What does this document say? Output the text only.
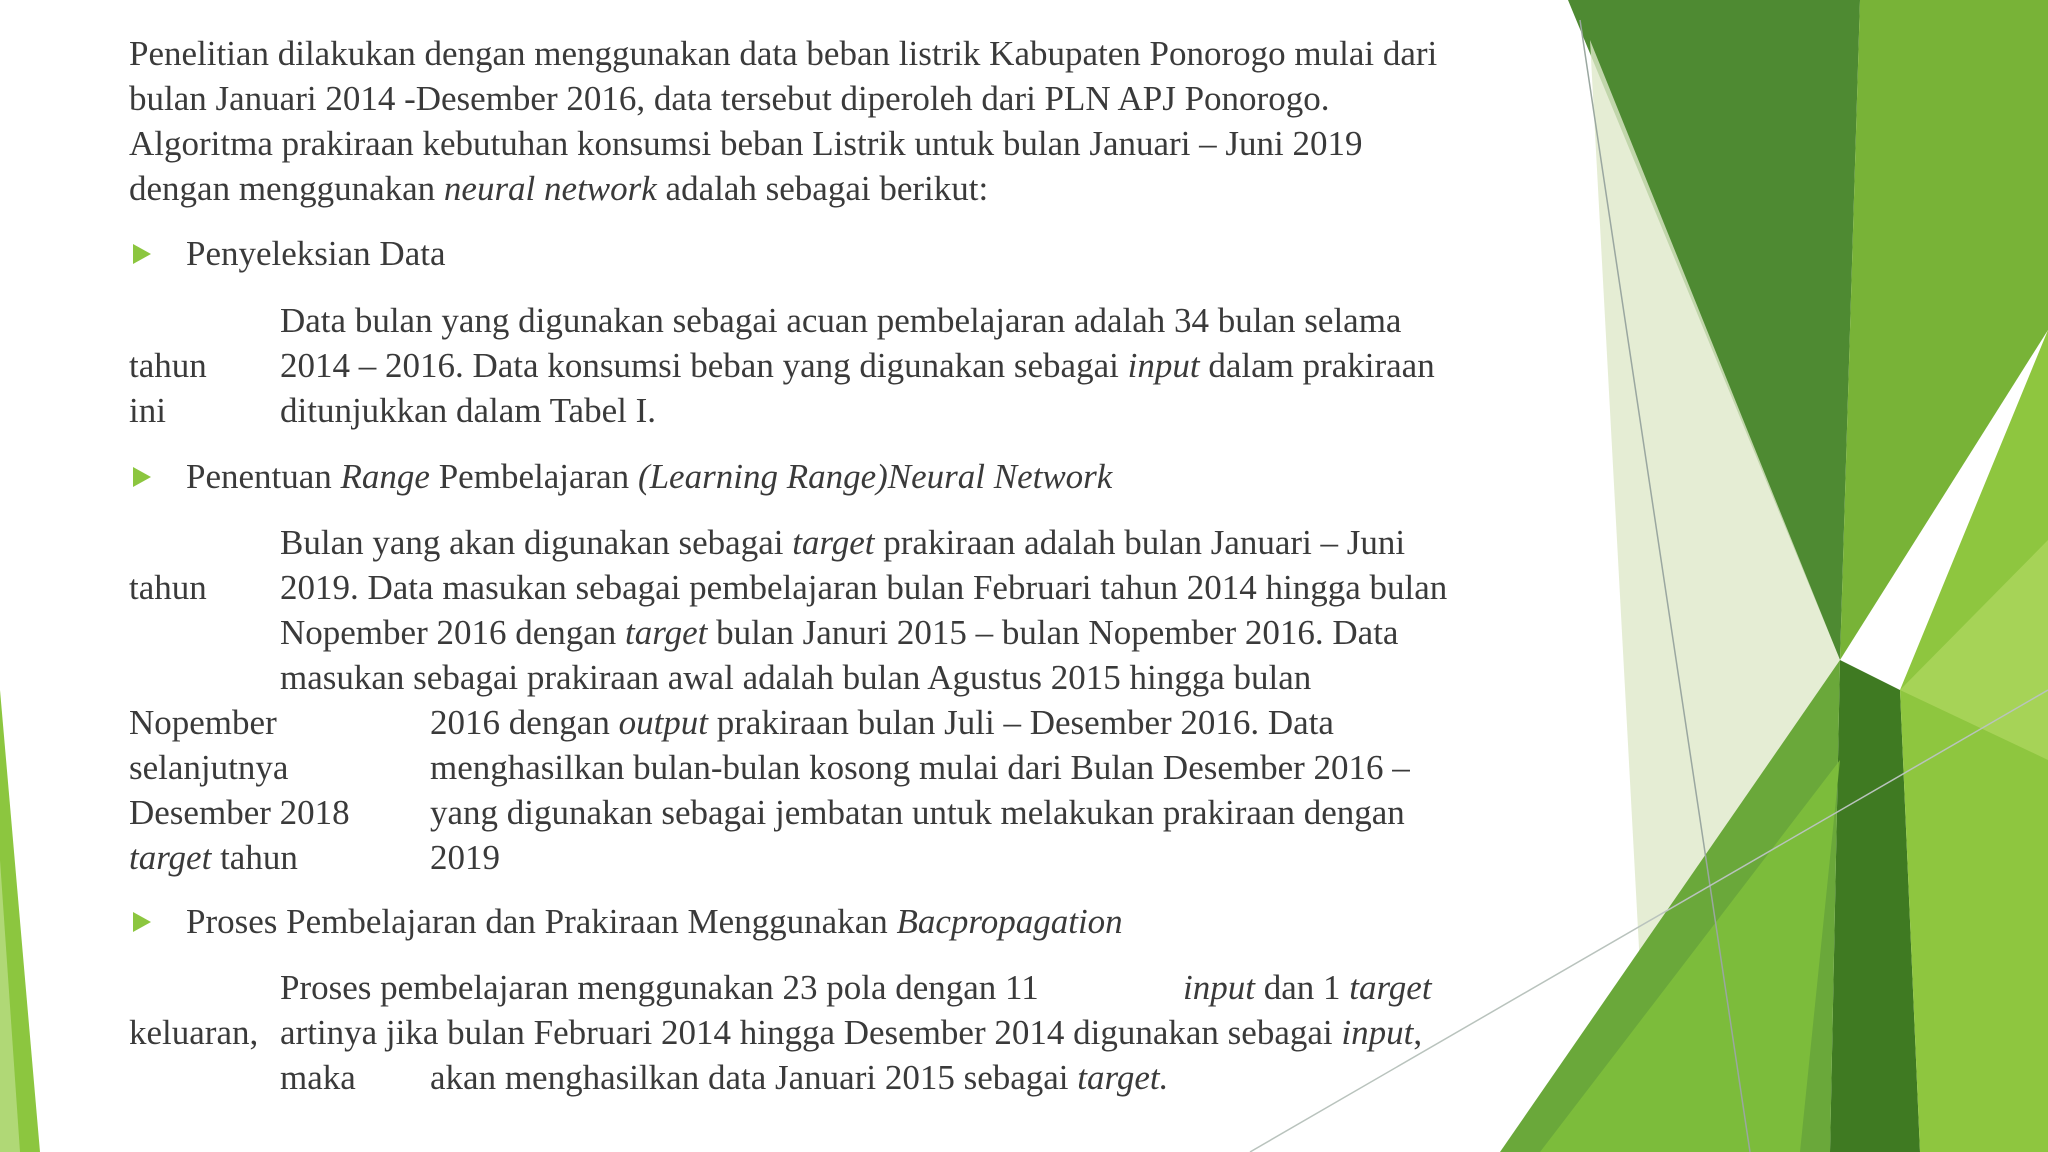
Penelitian dilakukan dengan menggunakan data beban listrik Kabupaten Ponorogo mulai dari
bulan Januari 2014 -Desember 2016, data tersebut diperoleh dari PLN APJ Ponorogo.
Algoritma prakiraan kebutuhan konsumsi beban Listrik untuk bulan Januari – Juni 2019
dengan menggunakan neural network adalah sebagai berikut:
Penyeleksian Data
Data bulan yang digunakan sebagai acuan pembelajaran adalah 34 bulan selama
tahun 2014 – 2016. Data konsumsi beban yang digunakan sebagai input dalam prakiraan
ini	ditunjukkan dalam Tabel I.
Penentuan Range Pembelajaran (Learning Range)Neural Network
Bulan yang akan digunakan sebagai target prakiraan adalah bulan Januari – Juni
tahun 2019. Data masukan sebagai pembelajaran bulan Februari tahun 2014 hingga bulan
Nopember 2016 dengan target bulan Januri 2015 – bulan Nopember 2016. Data
masukan sebagai prakiraan awal adalah bulan Agustus 2015 hingga bulan
Nopember	2016 dengan output prakiraan bulan Juli – Desember 2016. Data
selanjutnya	menghasilkan bulan-bulan kosong mulai dari Bulan Desember 2016 –
Desember 2018 yang digunakan sebagai jembatan untuk melakukan prakiraan dengan
target tahun	2019
Proses Pembelajaran dan Prakiraan Menggunakan Bacpropagation
Proses pembelajaran menggunakan 23 pola dengan 11	input dan 1 target
keluaran, artinya jika bulan Februari 2014 hingga Desember 2014 digunakan sebagai input,
maka akan menghasilkan data Januari 2015 sebagai target.
